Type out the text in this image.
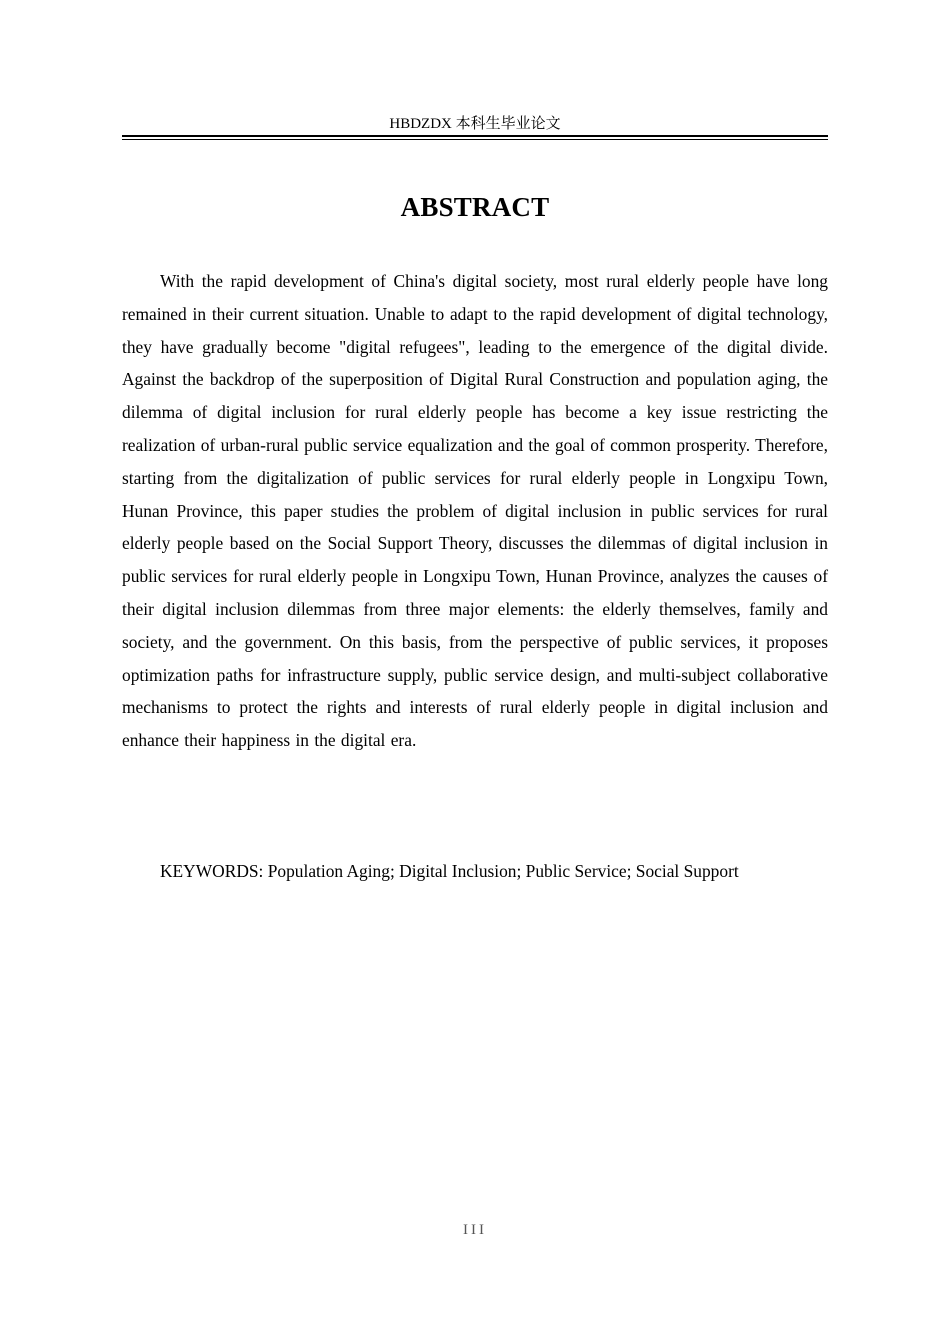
HBDZDX 本科生毕业论文
ABSTRACT

With the rapid development of China's digital society, most rural elderly people have long remained in their current situation. Unable to adapt to the rapid development of digital technology, they have gradually become "digital refugees", leading to the emergence of the digital divide. Against the backdrop of the superposition of Digital Rural Construction and population aging, the dilemma of digital inclusion for rural elderly people has become a key issue restricting the realization of urban-rural public service equalization and the goal of common prosperity. Therefore, starting from the digitalization of public services for rural elderly people in Longxipu Town, Hunan Province, this paper studies the problem of digital inclusion in public services for rural elderly people based on the Social Support Theory, discusses the dilemmas of digital inclusion in public services for rural elderly people in Longxipu Town, Hunan Province, analyzes the causes of their digital inclusion dilemmas from three major elements: the elderly themselves, family and society, and the government. On this basis, from the perspective of public services, it proposes optimization paths for infrastructure supply, public service design, and multi-subject collaborative mechanisms to protect the rights and interests of rural elderly people in digital inclusion and enhance their happiness in the digital era.

KEYWORDS: Population Aging; Digital Inclusion; Public Service; Social Support

III
